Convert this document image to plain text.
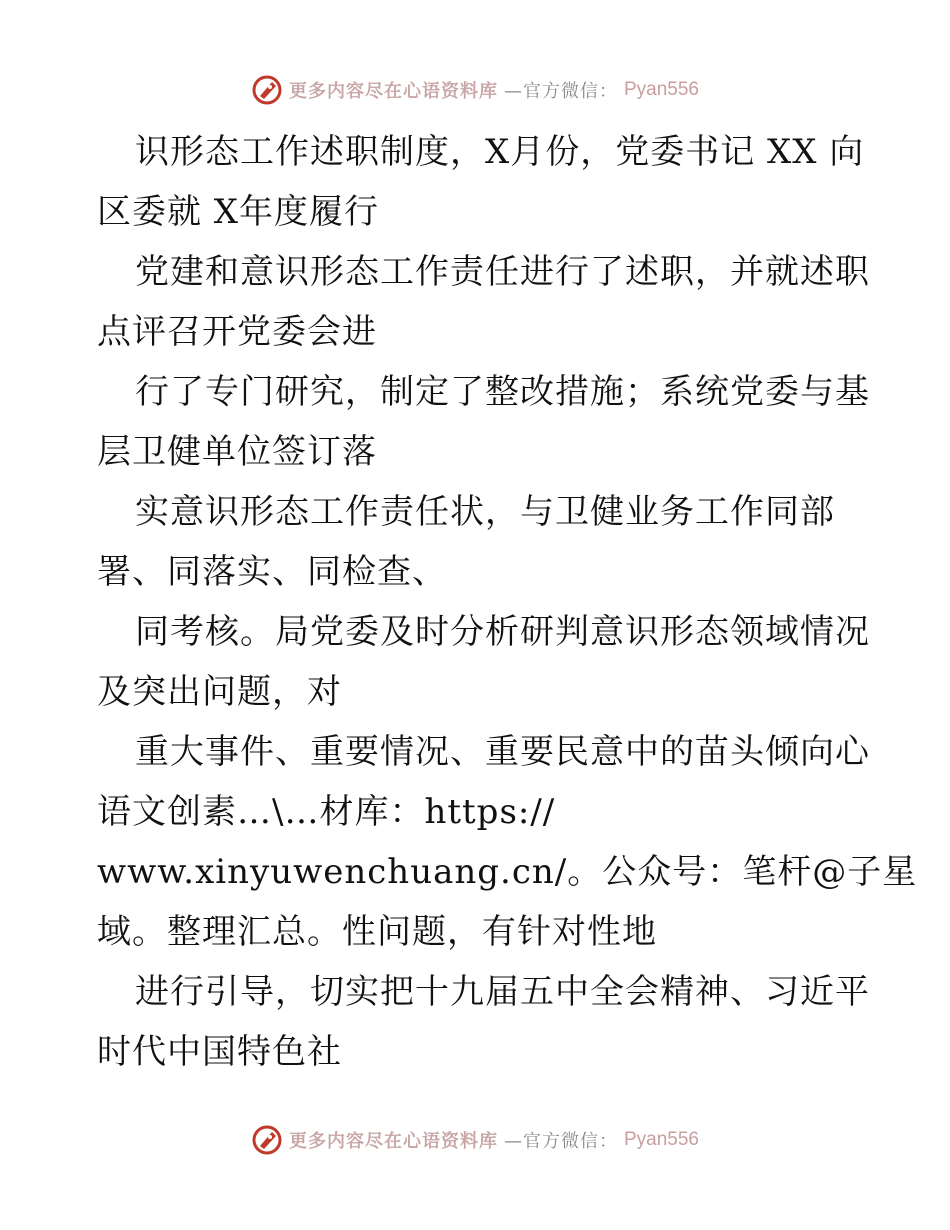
更多内容尽在心语资料库 —官方微信： Pyan556
识形态工作述职制度，X月份，党委书记 XX 向
区委就 X年度履行
党建和意识形态工作责任进行了述职，并就述职
点评召开党委会进
行了专门研究，制定了整改措施；系统党委与基
层卫健单位签订落
实意识形态工作责任状，与卫健业务工作同部
署、同落实、同检查、
同考核。局党委及时分析研判意识形态领域情况
及突出问题，对
重大事件、重要情况、重要民意中的苗头倾向心
语文创素…\…材库：https://
www.xinyuwenchuang.cn/。公众号：笔杆@子星
域。整理汇总。性问题，有针对性地
进行引导，切实把十九届五中全会精神、习近平
时代中国特色社
更多内容尽在心语资料库 —官方微信： Pyan556
